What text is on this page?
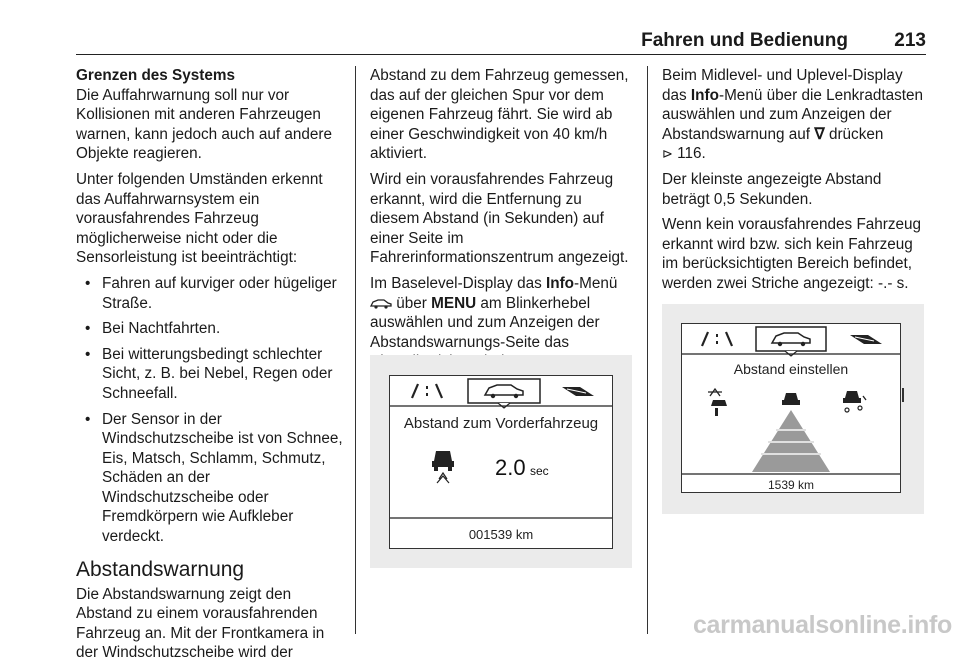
Fahren und Bedienung 213
Grenzen des Systems

Die Auffahrwarnung soll nur vor Kollisionen mit anderen Fahrzeugen warnen, kann jedoch auch auf andere Objekte reagieren.

Unter folgenden Umständen erkennt das Auffahrwarnsystem ein vorausfahrendes Fahrzeug möglicherweise nicht oder die Sensorleistung ist beeinträchtigt:

• Fahren auf kurviger oder hügeliger Straße.
• Bei Nachtfahrten.
• Bei witterungsbedingt schlechter Sicht, z. B. bei Nebel, Regen oder Schneefall.
• Der Sensor in der Windschutzscheibe ist von Schnee, Eis, Matsch, Schlamm, Schmutz, Schäden an der Windschutzscheibe oder Fremdkörpern wie Aufkleber verdeckt.
Abstandswarnung

Die Abstandswarnung zeigt den Abstand zu einem vorausfahrenden Fahrzeug an. Mit der Frontkamera in der Windschutzscheibe wird der

Abstand zu dem Fahrzeug gemessen, das auf der gleichen Spur vor dem eigenen Fahrzeug fährt. Sie wird ab einer Geschwindigkeit von 40 km/h aktiviert.

Wird ein vorausfahrendes Fahrzeug erkannt, wird die Entfernung zu diesem Abstand (in Sekunden) auf einer Seite im Fahrerinformationszentrum angezeigt.

Im Baselevel-Display das Info-Menü  über MENU am Blinkerhebel auswählen und zum Anzeigen der Abstandswarnungs-Seite das

Abstand zum Vorderfahrzeug
2.0 sec
001539 km

Beim Midlevel- und Uplevel-Display das Info-Menü über die Lenkradtasten auswählen und zum Anzeigen der Abstandswarnung auf ᐁ drücken
⊳ 116.

Der kleinste angezeigte Abstand beträgt 0,5 Sekunden.

Wenn kein vorausfahrendes Fahrzeug erkannt wird bzw. sich kein Fahrzeug im berücksichtigten Bereich befindet, werden zwei Striche angezeigt: -.- s.

Abstand einstellen
1539 km
carmanualsonline.info
